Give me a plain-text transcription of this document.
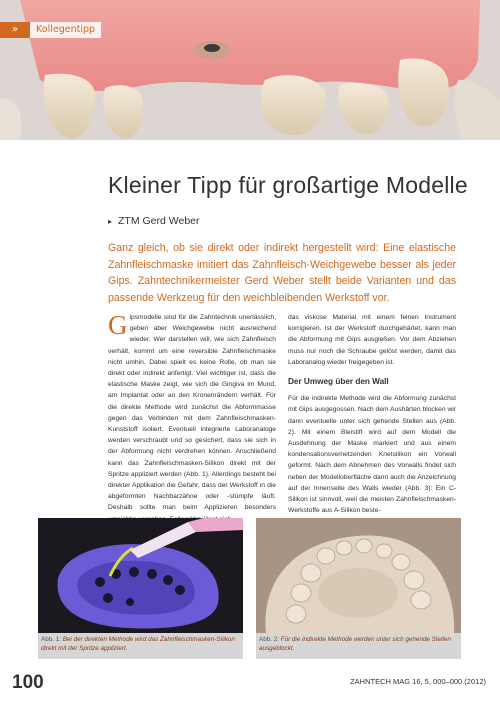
»	Kollegentipp
Kleiner Tipp für großartige Modelle
▸ ZTM Gerd Weber
Ganz gleich, ob sie direkt oder indirekt hergestellt wird: Eine elastische Zahnfleischmaske imitiert das Zahnfleisch-Weichgewebe besser als jeder Gips. Zahntechnikermeister Gerd Weber stellt beide Varianten und das passende Werkzeug für den weichbleibenden Werkstoff vor.

Gipsmodelle sind für die Zahntechnik unerlässlich, geben aber Weichgewebe nicht ausreichend wieder. Wer darstellen will, wie sich Zahnfleisch verhält, kommt um eine reversible Zahnfleischmaske nicht umhin. Dabei spielt es keine Rolle, ob man sie direkt oder indirekt anfertigt. Viel wichtiger ist, dass die elastische Maske zeigt, wie sich die Gingiva im Mund, am Implantat oder an den Kronenrändern verhält. Für die direkte Methode wird zunächst die Abformmasse gegen das Verbinden mit dem Zahnfleischmasken-Kunststoff isoliert. Eventuell integrierte Laboranaloge werden verschraubt und so gesichert, dass sie sich in der Abformung nicht verdrehen können. Anschließend kann das Zahnfleischmasken-Silikon direkt mit der Spritze appliziert werden (Abb. 1). Allerdings besteht bei direkter Applikation die Gefahr, dass der Werkstoff in die abgeformten Nachbarzähne oder -stümpfe läuft. Deshalb sollte man beim Applizieren besonders

das viskose Material mit einem feinen Instrument korrigieren. Ist der Werkstoff durchgehärtet, kann man die Abformung mit Gips ausgießen. Vor dem Abziehen muss nur noch die Schraube gelöst werden, damit das Laboranalog wieder freigegeben ist.

Der Umweg über den Wall

Für die indirekte Methode wird die Abformung zunächst mit Gips ausgegossen. Nach dem Aushärten blocken wir dann eventuelle unter sich gehende Stellen aus (Abb. 2). Mit einem Bleistift wird auf dem Modell die Ausdehnung der Maske markiert und aus einem kondensationsvernetzenden Knetsilikon ein Vorwall geformt. Nach dem Abnehmen des Vorwalls findet sich neben der Modelloberfläche dann auch die Anzeichnung auf der Innenseite des Walls wieder (Abb. 3): Ein C-Silikon ist sinnvoll, weil die meisten Zahnfleischmasken-Werkstoffe aus A-Silikon beste-

Abb. 1: Bei der direkten Methode wird das Zahnfleischmasken-Silikon direkt mit der Spritze appliziert.
Abb. 2: Für die indirekte Methode werden unter sich gehende Stellen ausgeblockt.
100	ZAHNTECH MAG 16, 5, 000–000 (2012)
